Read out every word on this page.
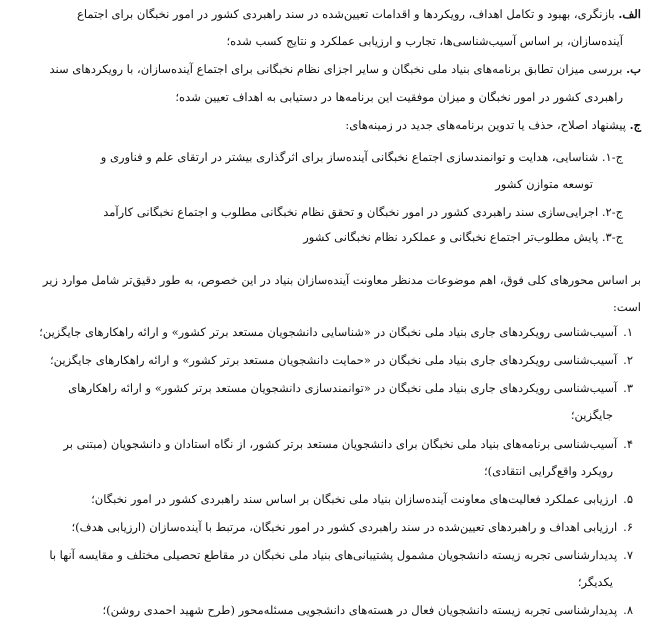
الف. بازنگری، بهبود و تکامل اهداف، رویکردها و اقدامات تعیین‌شده در سند راهبردی کشور در امور نخبگان برای اجتماع
آینده‌سازان، بر اساس آسیب‌شناسی‌ها، تجارب و ارزیابی عملکرد و نتایج کسب شده؛
ب. بررسی میزان تطابق برنامه‌های بنیاد ملی نخبگان و سایر اجزای نظام نخبگانی برای اجتماع آینده‌سازان، با رویکردهای سند
راهبردی کشور در امور نخبگان و میزان موفقیت این برنامه‌ها در دستیابی به اهداف تعیین شده؛
ج. پیشنهاد اصلاح، حذف یا تدوین برنامه‌های جدید در زمینه‌های:
ج-۱. شناسایی، هدایت و توانمندسازی اجتماع نخبگانی آینده‌ساز برای اثرگذاری بیشتر در ارتقای علم و فناوری و
توسعه متوازن کشور
ج-۲. اجرایی‌سازی سند راهبردی کشور در امور نخبگان و تحقق نظام نخبگانی مطلوب و اجتماع نخبگانی کارآمد
ج-۳. پایش مطلوب‌تر اجتماع نخبگانی و عملکرد نظام نخبگانی کشور
بر اساس محورهای کلی فوق، اهم موضوعات مدنظر معاونت آینده‌سازان بنیاد در این خصوص، به طور دقیق‌تر شامل موارد زیر
است:
۱.آسیب‌شناسی رویکردهای جاری بنیاد ملی نخبگان در «شناسایی دانشجویان مستعد برتر کشور» و ارائه راهکارهای جایگزین؛
۲.آسیب‌شناسی رویکردهای جاری بنیاد ملی نخبگان در «حمایت دانشجویان مستعد برتر کشور» و ارائه راهکارهای جایگزین؛
۳.آسیب‌شناسی رویکردهای جاری بنیاد ملی نخبگان در «توانمندسازی دانشجویان مستعد برتر کشور» و ارائه راهکارهای
جایگزین؛
۴.آسیب‌شناسی برنامه‌های بنیاد ملی نخبگان برای دانشجویان مستعد برتر کشور، از نگاه استادان و دانشجویان (مبتنی بر
رویکرد واقع‌گرایی انتقادی)؛
۵.ارزیابی عملکرد فعالیت‌های معاونت آینده‌سازان بنیاد ملی نخبگان بر اساس سند راهبردی کشور در امور نخبگان؛
۶.ارزیابی اهداف و راهبردهای تعیین‌شده در سند راهبردی کشور در امور نخبگان، مرتبط با آینده‌سازان (ارزیابی هدف)؛
۷.پدیدارشناسی تجربه زیسته دانشجویان مشمول پشتیبانی‌های بنیاد ملی نخبگان در مقاطع تحصیلی مختلف و مقایسه آنها با
یکدیگر؛
۸.پدیدارشناسی تجربه زیسته دانشجویان فعال در هسته‌های دانشجویی مسئله‌محور (طرح شهید احمدی روشن)؛
